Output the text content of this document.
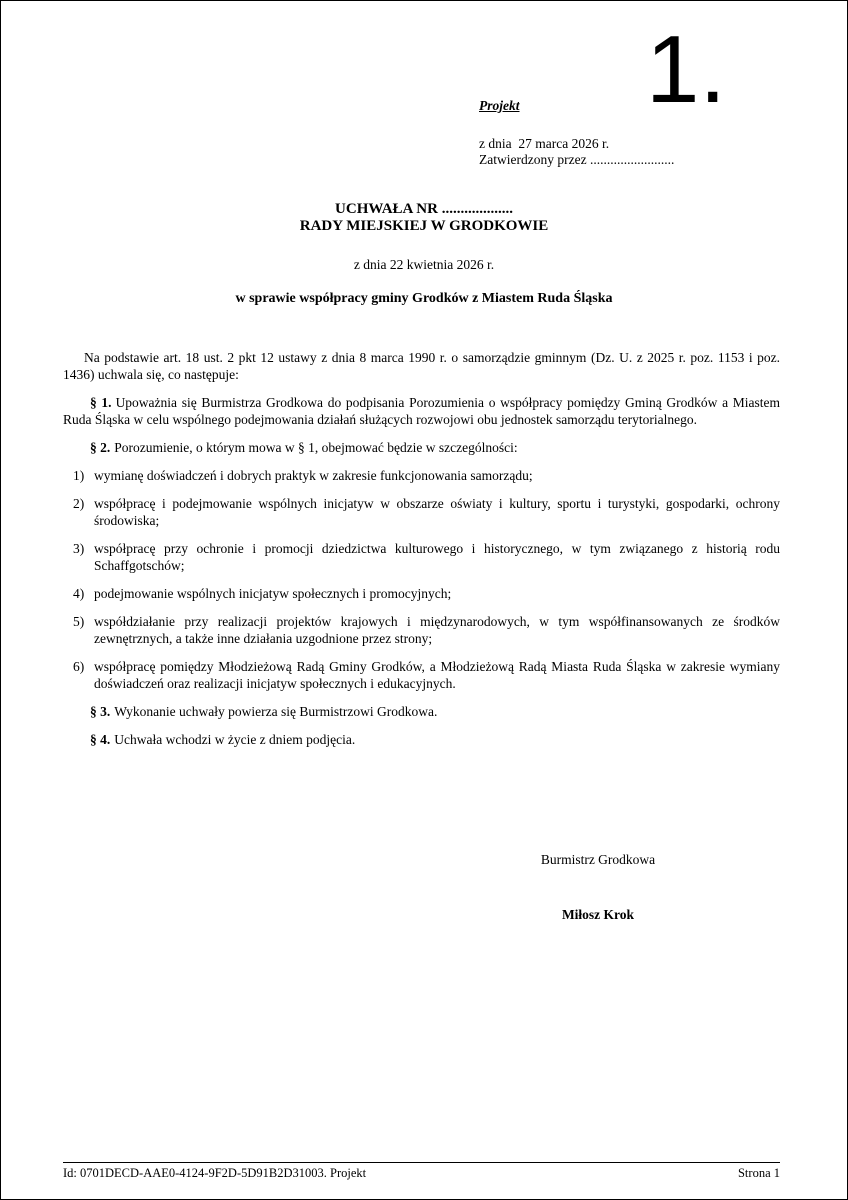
1.
Projekt
z dnia  27 marca 2026 r.
Zatwierdzony przez .........................
UCHWAŁA NR ...................
RADY MIEJSKIEJ W GRODKOWIE
z dnia 22 kwietnia 2026 r.
w sprawie współpracy gminy Grodków z Miastem Ruda Śląska

Na podstawie art. 18 ust. 2 pkt 12 ustawy z dnia 8 marca 1990 r. o samorządzie gminnym (Dz. U. z 2025 r. poz. 1153 i poz. 1436) uchwala się, co następuje:

§ 1. Upoważnia się Burmistrza Grodkowa do podpisania Porozumienia o współpracy pomiędzy Gminą Grodków a Miastem Ruda Śląska w celu wspólnego podejmowania działań służących rozwojowi obu jednostek samorządu terytorialnego.

§ 2. Porozumienie, o którym mowa w § 1, obejmować będzie w szczególności:

1) wymianę doświadczeń i dobrych praktyk w zakresie funkcjonowania samorządu;
2) współpracę i podejmowanie wspólnych inicjatyw w obszarze oświaty i kultury, sportu i turystyki, gospodarki, ochrony środowiska;
3) współpracę przy ochronie i promocji dziedzictwa kulturowego i historycznego, w tym związanego z historią rodu Schaffgotschów;
4) podejmowanie wspólnych inicjatyw społecznych i promocyjnych;
5) współdziałanie przy realizacji projektów krajowych i międzynarodowych, w tym współfinansowanych ze środków zewnętrznych, a także inne działania uzgodnione przez strony;
6) współpracę pomiędzy Młodzieżową Radą Gminy Grodków, a Młodzieżową Radą Miasta Ruda Śląska w zakresie wymiany doświadczeń oraz realizacji inicjatyw społecznych i edukacyjnych.

§ 3. Wykonanie uchwały powierza się Burmistrzowi Grodkowa.

§ 4. Uchwała wchodzi w życie z dniem podjęcia.

Burmistrz Grodkowa
Miłosz Krok
Id: 0701DECD-AAE0-4124-9F2D-5D91B2D31003. Projekt	Strona 1
